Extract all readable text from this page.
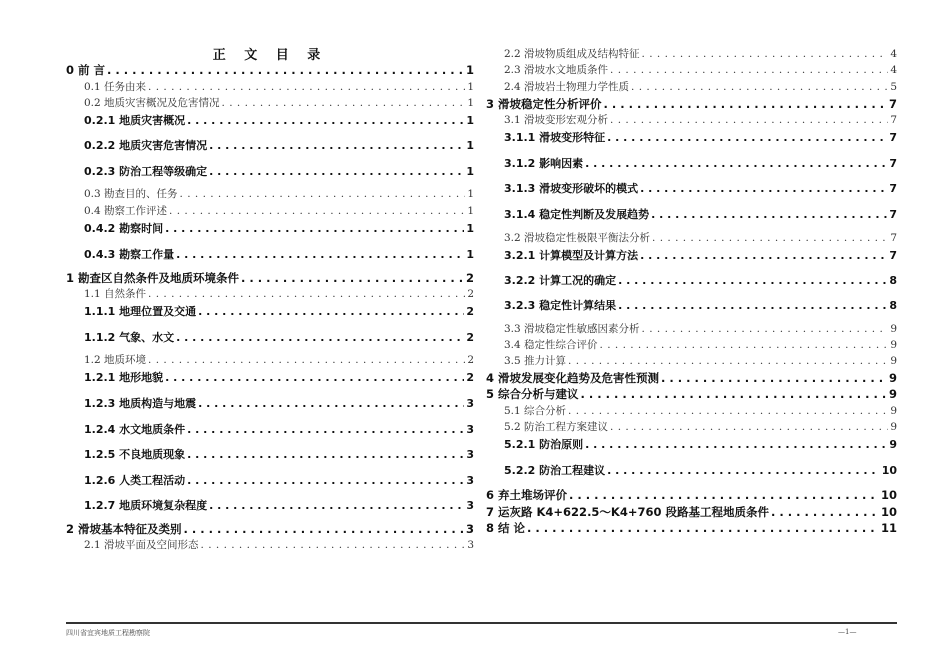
正 文 目 录
0 前 言 . . .	1
0.1 任务由来 . . .	1
0.2 地质灾害概况及危害情况 . . .	1
0.2.1 地质灾害概况 . . .	1
0.2.2 地质灾害危害情况 . . .	1
0.2.3 防治工程等级确定 . . .	1
0.3 勘查目的、任务 . . .	1
0.4 勘察工作评述 . . .	1
0.4.2 勘察时间 . . .	1
0.4.3 勘察工作量 . . .	1
1 勘查区自然条件及地质环境条件 . . .	2
1.1 自然条件 . . .	2
1.1.1 地理位置及交通 . . .	2
1.1.2 气象、水文 . . .	2
1.2 地质环境 . . .	2
1.2.1 地形地貌 . . .	2
1.2.3 地质构造与地震 . . .	3
1.2.4 水文地质条件 . . .	3
1.2.5 不良地质现象 . . .	3
1.2.6 人类工程活动 . . .	3
1.2.7 地质环境复杂程度 . . .	3
2 滑坡基本特征及类别 . . .	3
2.1 滑坡平面及空间形态 . . .	3
2.2 滑坡物质组成及结构特征 . . .	4
2.3 滑坡水文地质条件 . . .	4
2.4 滑坡岩土物理力学性质 . . .	5
3 滑坡稳定性分析评价 . . .	7
3.1 滑坡变形宏观分析 . . .	7
3.1.1 滑坡变形特征 . . .	7
3.1.2 影响因素 . . .	7
3.1.3 滑坡变形破坏的模式 . . .	7
3.1.4 稳定性判断及发展趋势 . . .	7
3.2 滑坡稳定性极限平衡法分析 . . .	7
3.2.1 计算模型及计算方法 . . .	7
3.2.2 计算工况的确定 . . .	8
3.2.3 稳定性计算结果 . . .	8
3.3 滑坡稳定性敏感因素分析 . . .	9
3.4 稳定性综合评价 . . .	9
3.5 推力计算 . . .	9
4 滑坡发展变化趋势及危害性预测 . . .	9
5 综合分析与建议 . . .	9
5.1 综合分析 . . .	9
5.2 防治工程方案建议 . . .	9
5.2.1 防治原则 . . .	9
5.2.2 防治工程建议 . . .	10
6 弃土堆场评价 . . .	10
7 运灰路 K4+622.5～K4+760 段路基工程地质条件 . . .	10
8 结 论 . . .	11
四川省宜宾地质工程勘察院	—1—
